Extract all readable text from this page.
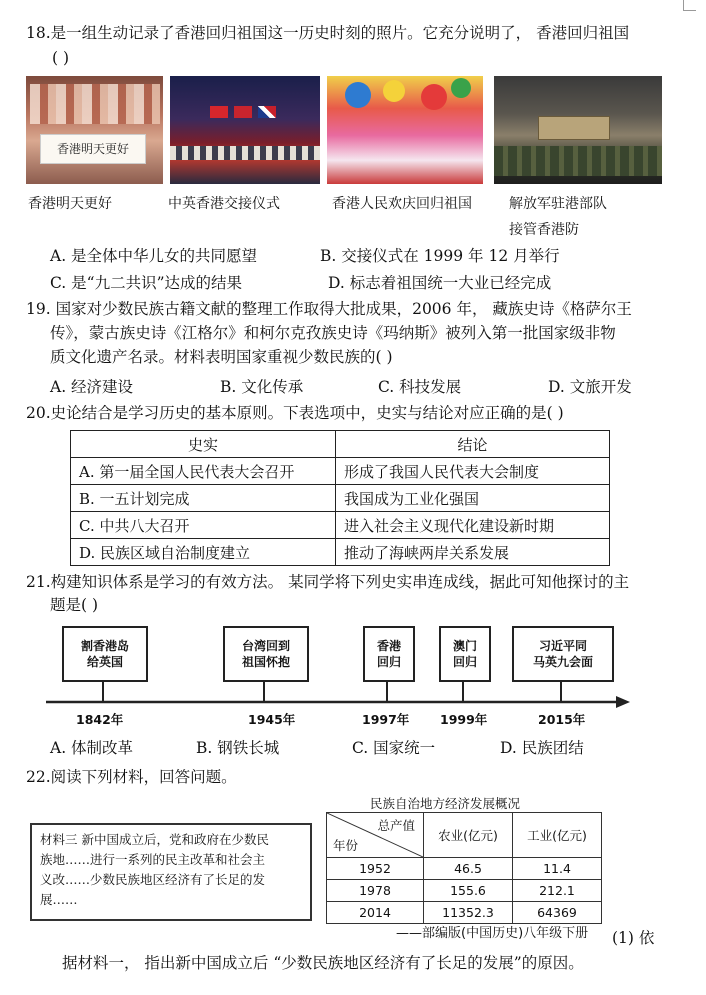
18.是一组生动记录了香港回归祖国这一历史时刻的照片。它充分说明了， 香港回归祖国
( )
香港明天更好
香港明天更好	中英香港交接仪式	香港人民欢庆回归祖国	解放军驻港部队
接管香港防
A. 是全体中华儿女的共同愿望	B. 交接仪式在 1999 年 12 月举行
C. 是“九二共识”达成的结果	D. 标志着祖国统一大业已经完成
19. 国家对少数民族古籍文献的整理工作取得大批成果，2006 年， 藏族史诗《格萨尔王
传》，蒙古族史诗《江格尔》和柯尔克孜族史诗《玛纳斯》被列入第一批国家级非物
质文化遗产名录。材料表明国家重视少数民族的( )
A. 经济建设	B. 文化传承	C. 科技发展	D. 文旅开发
20.史论结合是学习历史的基本原则。下表选项中，史实与结论对应正确的是( )
史实	结论
A. 第一届全国人民代表大会召开	形成了我国人民代表大会制度
B. 一五计划完成	我国成为工业化强国
C. 中共八大召开	进入社会主义现代化建设新时期
D. 民族区域自治制度建立	推动了海峡两岸关系发展
21.构建知识体系是学习的有效方法。 某同学将下列史实串连成线，据此可知他探讨的主
题是( )
割香港岛
给英国
台湾回到
祖国怀抱
香港
回归
澳门
回归
习近平同
马英九会面
1842年	1945年	1997年 1999年	2015年
A. 体制改革	B. 钢铁长城	C. 国家统一	D. 民族团结
22.阅读下列材料，回答问题。
材料三 新中国成立后，党和政府在少数民
族地……进行一系列的民主改革和社会主
义改……少数民族地区经济有了长足的发
展……
民族自治地方经济发展概况
总产值
年份	农业(亿元)	工业(亿元)
1952	46.5	11.4
1978	155.6	212.1
2014	11352.3	64369
——部编版(中国历史)八年级下册 (1) 依
据材料一， 指出新中国成立后 “少数民族地区经济有了长足的发展”的原因。
